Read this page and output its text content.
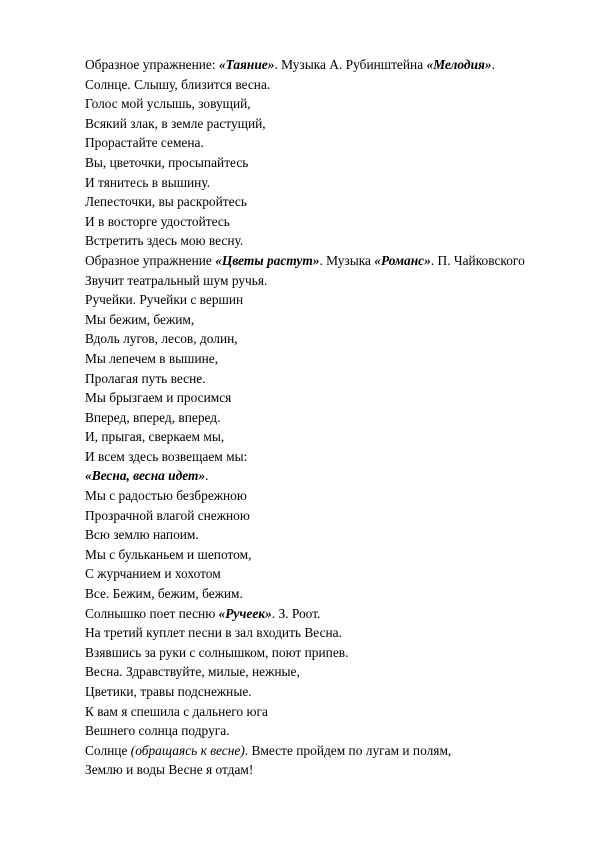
Образное упражнение: «Таяние». Музыка А. Рубинштейна «Мелодия».
Солнце. Слышу, близится весна.
Голос мой услышь, зовущий,
Всякий злак, в земле растущий,
Прорастайте семена.
Вы, цветочки, просыпайтесь
И тянитесь в вышину.
Лепесточки, вы раскройтесь
И в восторге удостойтесь
Встретить здесь мою весну.
Образное упражнение «Цветы растут». Музыка «Романс». П. Чайковского
Звучит театральный шум ручья.
Ручейки. Ручейки с вершин
Мы бежим, бежим,
Вдоль лугов, лесов, долин,
Мы лепечем в вышине,
Пролагая путь весне.
Мы брызгаем и просимся
Вперед, вперед, вперед.
И, прыгая, сверкаем мы,
И всем здесь возвещаем мы:
«Весна, весна идет».
Мы с радостью безбрежною
Прозрачной влагой снежною
Всю землю напоим.
Мы с бульканьем и шепотом,
С журчанием и хохотом
Все. Бежим, бежим, бежим.
Солнышко поет песню «Ручеек». З. Роот.
На третий куплет песни в зал входить Весна.
Взявшись за руки с солнышком, поют припев.
Весна. Здравствуйте, милые, нежные,
Цветики, травы подснежные.
К вам я спешила с дальнего юга
Вешнего солнца подруга.
Солнце (обращаясь к весне). Вместе пройдем по лугам и полям,
Землю и воды Весне я отдам!
